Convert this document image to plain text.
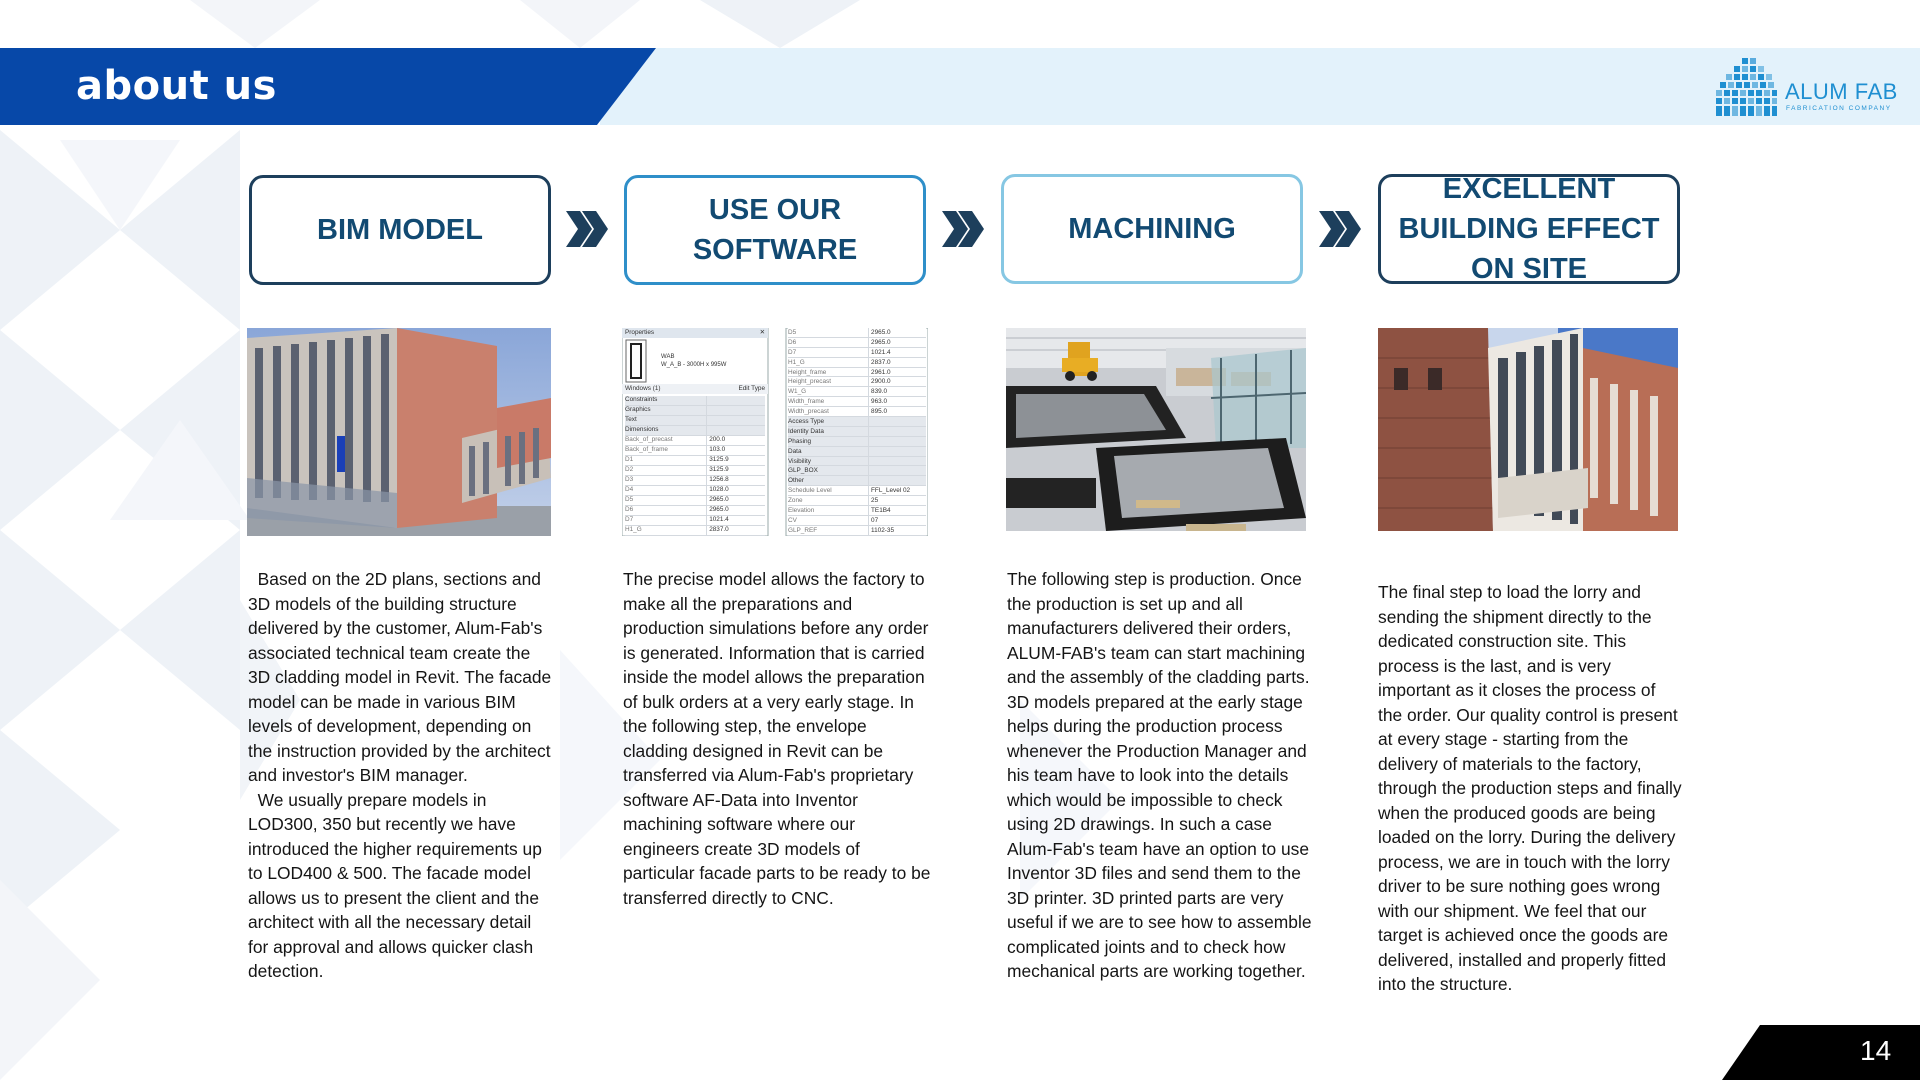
about us	ALUM FAB
FABRICATION COMPANY
BIM MODEL
USE OUR SOFTWARE
MACHINING
EXCELLENT BUILDING EFFECT ON SITE
Properties	✕
WAB
W_A_B - 3000H x 995W
Windows (1)	Edit Type
Constraints
Graphics
Text
Dimensions
Back_of_precast	200.0
Back_of_frame	103.0
D1	3125.9
D2	3125.9
D3	1256.8
D4	1028.0
D5	2965.0
D6	2965.0
D7	1021.4
H1_G	2837.0
D5	2965.0
D6	2965.0
D7	1021.4
H1_G	2837.0
Height_frame	2961.0
Height_precast	2900.0
W1_G	839.0
Width_frame	963.0
Width_precast	895.0
Access Type
Identity Data
Phasing
Data
Visibility
GLP_BOX
Other
Schedule Level	FFL_Level 02
Zone	25
Elevation	TE1B4
CV	07
GLP_REF	1102-35

Based on the 2D plans, sections and 3D models of the building structure delivered by the customer, Alum-Fab's associated technical team create the 3D cladding model in Revit. The facade model can be made in various BIM levels of development, depending on the instruction provided by the architect and investor's BIM manager.

We usually prepare models in LOD300, 350 but recently we have introduced the higher requirements up to LOD400 & 500. The facade model allows us to present the client and the architect with all the necessary detail for approval and allows quicker clash detection.

The precise model allows the factory to make all the preparations and production simulations before any order is generated. Information that is carried inside the model allows the preparation of bulk orders at a very early stage. In the following step, the envelope cladding designed in Revit can be transferred via Alum-Fab's proprietary software AF-Data into Inventor machining software where our engineers create 3D models of particular facade parts to be ready to be transferred directly to CNC.

The following step is production. Once the production is set up and all manufacturers delivered their orders, ALUM-FAB's team can start machining and the assembly of the cladding parts. 3D models prepared at the early stage helps during the production process whenever the Production Manager and his team have to look into the details which would be impossible to check using 2D drawings. In such a case Alum-Fab's team have an option to use Inventor 3D files and send them to the 3D printer. 3D printed parts are very useful if we are to see how to assemble complicated joints and to check how mechanical parts are working together.

The final step to load the lorry and sending the shipment directly to the dedicated construction site. This process is the last, and is very important as it closes the process of the order. Our quality control is present at every stage - starting from the delivery of materials to the factory, through the production steps and finally when the produced goods are being loaded on the lorry. During the delivery process, we are in touch with the lorry driver to be sure nothing goes wrong with our shipment. We feel that our target is achieved once the goods are delivered, installed and properly fitted into the structure.

14
